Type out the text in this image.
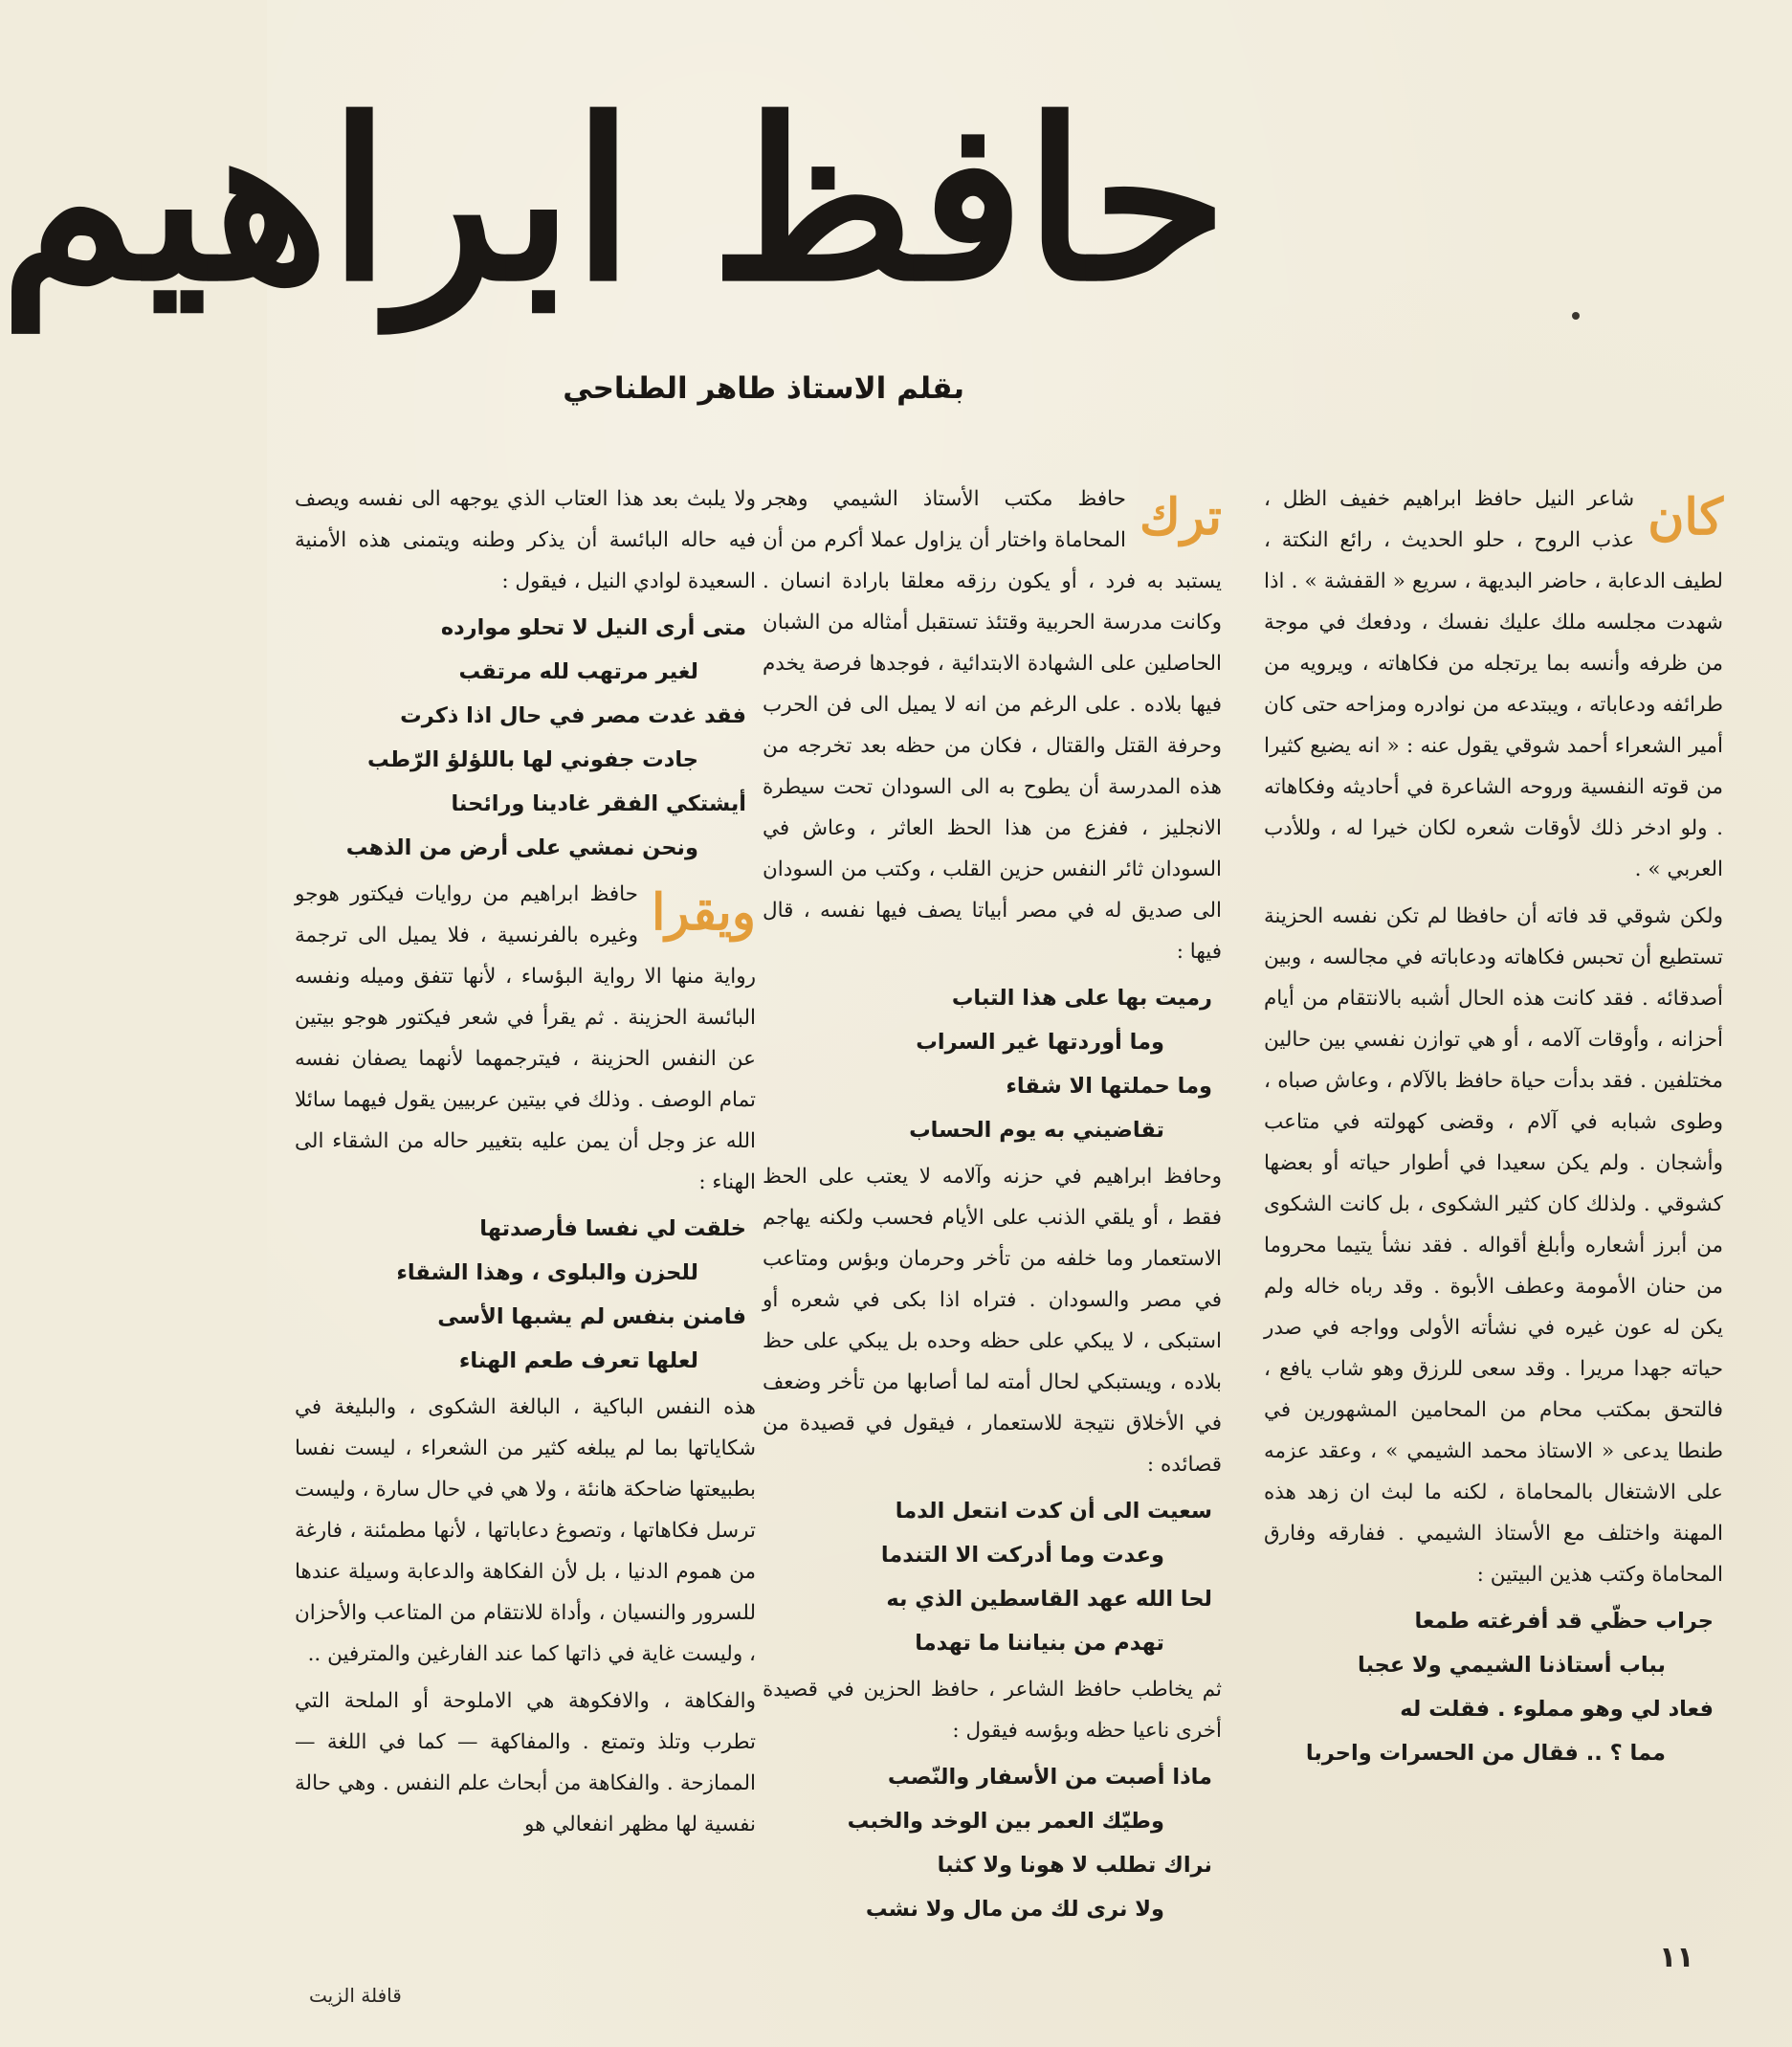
حافظ ابراهيم
بقلم الاستاذ طاهر الطناحي

كان
شاعر النيل حافظ ابراهيم خفيف الظل ، عذب الروح ، حلو الحديث ، رائع النكتة ، لطيف الدعابة ، حاضر البديهة ، سريع « القفشة » . اذا شهدت مجلسه ملك عليك نفسك ، ودفعك في موجة من ظرفه وأنسه بما يرتجله من فكاهاته ، ويرويه من طرائفه ودعاباته ، ويبتدعه من نوادره ومزاحه حتى كان أمير الشعراء أحمد شوقي يقول عنه : « انه يضيع كثيرا من قوته النفسية وروحه الشاعرة في أحاديثه وفكاهاته . ولو ادخر ذلك لأوقات شعره لكان خيرا له ، وللأدب العربي » .

ولكن شوقي قد فاته أن حافظا لم تكن نفسه الحزينة تستطيع أن تحبس فكاهاته ودعاباته في مجالسه ، وبين أصدقائه . فقد كانت هذه الحال أشبه بالانتقام من أيام أحزانه ، وأوقات آلامه ، أو هي توازن نفسي بين حالين مختلفين . فقد بدأت حياة حافظ بالآلام ، وعاش صباه ، وطوى شبابه في آلام ، وقضى كهولته في متاعب وأشجان . ولم يكن سعيدا في أطوار حياته أو بعضها كشوقي . ولذلك كان كثير الشكوى ، بل كانت الشكوى من أبرز أشعاره وأبلغ أقواله . فقد نشأ يتيما محروما من حنان الأمومة وعطف الأبوة . وقد رباه خاله ولم يكن له عون غيره في نشأته الأولى وواجه في صدر حياته جهدا مريرا . وقد سعى للرزق وهو شاب يافع ، فالتحق بمكتب محام من المحامين المشهورين في طنطا يدعى « الاستاذ محمد الشيمي » ، وعقد عزمه على الاشتغال بالمحاماة ، لكنه ما لبث ان زهد هذه المهنة واختلف مع الأستاذ الشيمي . ففارقه وفارق المحاماة وكتب هذين البيتين :

جراب حظّي قد أفرغته طمعا
بباب أستاذنا الشيمي ولا عجبا
فعاد لي وهو مملوء . فقلت له
مما ؟ .. فقال من الحسرات واحربا

ترك
حافظ مكتب الأستاذ الشيمي وهجر المحاماة واختار أن يزاول عملا أكرم من أن يستبد به فرد ، أو يكون رزقه معلقا بارادة انسان . وكانت مدرسة الحربية وقتئذ تستقبل أمثاله من الشبان الحاصلين على الشهادة الابتدائية ، فوجدها فرصة يخدم فيها بلاده . على الرغم من انه لا يميل الى فن الحرب وحرفة القتل والقتال ، فكان من حظه بعد تخرجه من هذه المدرسة أن يطوح به الى السودان تحت سيطرة الانجليز ، ففزع من هذا الحظ العاثر ، وعاش في السودان ثائر النفس حزين القلب ، وكتب من السودان الى صديق له في مصر أبياتا يصف فيها نفسه ، قال فيها :

رميت بها على هذا التباب
وما أوردتها غير السراب
وما حملتها الا شقاء
تقاضيني به يوم الحساب

وحافظ ابراهيم في حزنه وآلامه لا يعتب على الحظ فقط ، أو يلقي الذنب على الأيام فحسب ولكنه يهاجم الاستعمار وما خلفه من تأخر وحرمان وبؤس ومتاعب في مصر والسودان . فتراه اذا بكى في شعره أو استبكى ، لا يبكي على حظه وحده بل يبكي على حظ بلاده ، ويستبكي لحال أمته لما أصابها من تأخر وضعف في الأخلاق نتيجة للاستعمار ، فيقول في قصيدة من قصائده :

سعيت الى أن كدت انتعل الدما
وعدت وما أدركت الا التندما
لحا الله عهد القاسطين الذي به
تهدم من بنياننا ما تهدما

ثم يخاطب حافظ الشاعر ، حافظ الحزين في قصيدة أخرى ناعيا حظه وبؤسه فيقول :

ماذا أصبت من الأسفار والنّصب
وطيّك العمر بين الوخد والخبب
نراك تطلب لا هونا ولا كثبا
ولا نرى لك من مال ولا نشب

ولا يلبث بعد هذا العتاب الذي يوجهه الى نفسه ويصف فيه حاله البائسة أن يذكر وطنه ويتمنى هذه الأمنية السعيدة لوادي النيل ، فيقول :

متى أرى النيل لا تحلو موارده
لغير مرتهب لله مرتقب
فقد غدت مصر في حال اذا ذكرت
جادت جفوني لها باللؤلؤ الرّطب
أيشتكي الفقر غادينا ورائحنا
ونحن نمشي على أرض من الذهب

ويقرا
حافظ ابراهيم من روايات فيكتور هوجو وغيره بالفرنسية ، فلا يميل الى ترجمة رواية منها الا رواية البؤساء ، لأنها تتفق وميله ونفسه البائسة الحزينة . ثم يقرأ في شعر فيكتور هوجو بيتين عن النفس الحزينة ، فيترجمهما لأنهما يصفان نفسه تمام الوصف . وذلك في بيتين عربيين يقول فيهما سائلا الله عز وجل أن يمن عليه بتغيير حاله من الشقاء الى الهناء :

خلقت لي نفسا فأرصدتها
للحزن والبلوى ، وهذا الشقاء
فامنن بنفس لم يشبها الأسى
لعلها تعرف طعم الهناء

هذه النفس الباكية ، البالغة الشكوى ، والبليغة في شكاياتها بما لم يبلغه كثير من الشعراء ، ليست نفسا بطبيعتها ضاحكة هانئة ، ولا هي في حال سارة ، وليست ترسل فكاهاتها ، وتصوغ دعاباتها ، لأنها مطمئنة ، فارغة من هموم الدنيا ، بل لأن الفكاهة والدعابة وسيلة عندها للسرور والنسيان ، وأداة للانتقام من المتاعب والأحزان ، وليست غاية في ذاتها كما عند الفارغين والمترفين ..

والفكاهة ، والافكوهة هي الاملوحة أو الملحة التي تطرب وتلذ وتمتع . والمفاكهة — كما في اللغة — الممازحة . والفكاهة من أبحاث علم النفس . وهي حالة نفسية لها مظهر انفعالي هو

١١
قافلة الزيت
